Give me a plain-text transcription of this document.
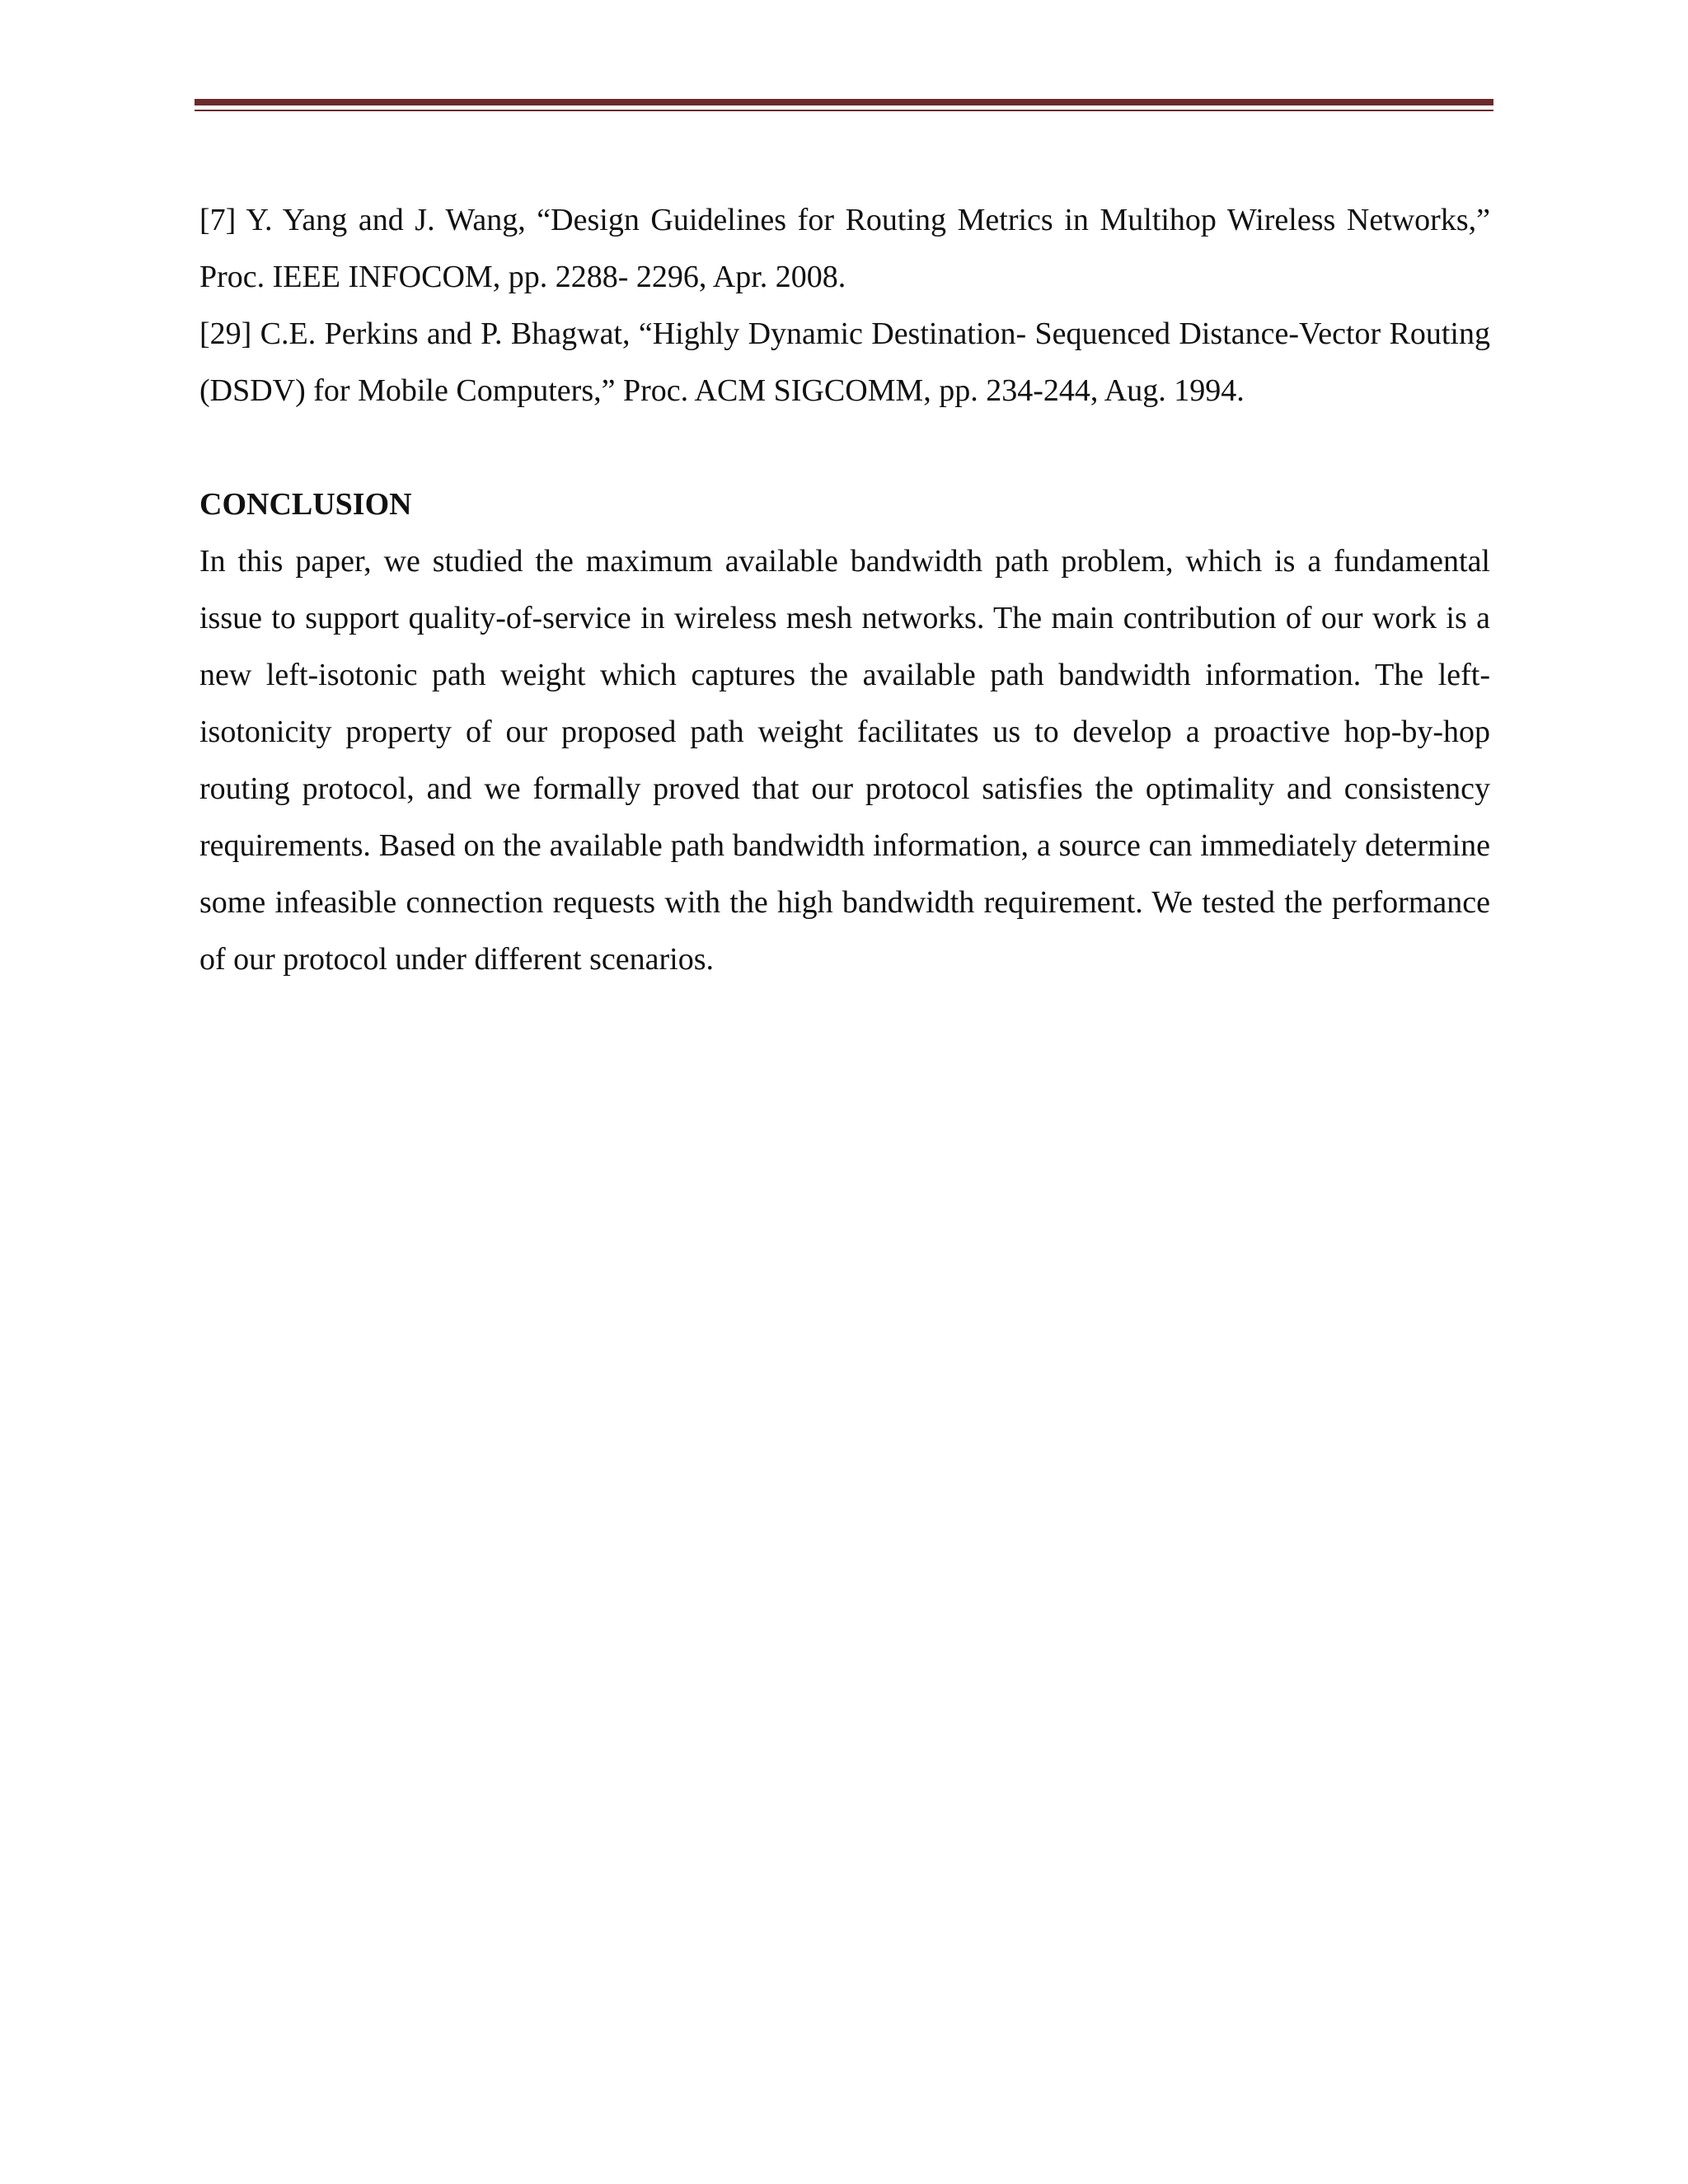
[7] Y. Yang and J. Wang, “Design Guidelines for Routing Metrics in Multihop Wireless Networks,” Proc. IEEE INFOCOM, pp. 2288- 2296, Apr. 2008.

[29] C.E. Perkins and P. Bhagwat, “Highly Dynamic Destination- Sequenced Distance-Vector Routing (DSDV) for Mobile Computers,” Proc. ACM SIGCOMM, pp. 234-244, Aug. 1994.

CONCLUSION

In this paper, we studied the maximum available bandwidth path problem, which is a fundamental issue to support quality-of-service in wireless mesh networks. The main contribution of our work is a new left-isotonic path weight which captures the available path bandwidth information. The left-isotonicity property of our proposed path weight facilitates us to develop a proactive hop-by-hop routing protocol, and we formally proved that our protocol satisfies the optimality and consistency requirements. Based on the available path bandwidth information, a source can immediately determine some infeasible connection requests with the high bandwidth requirement. We tested the performance of our protocol under different scenarios.
